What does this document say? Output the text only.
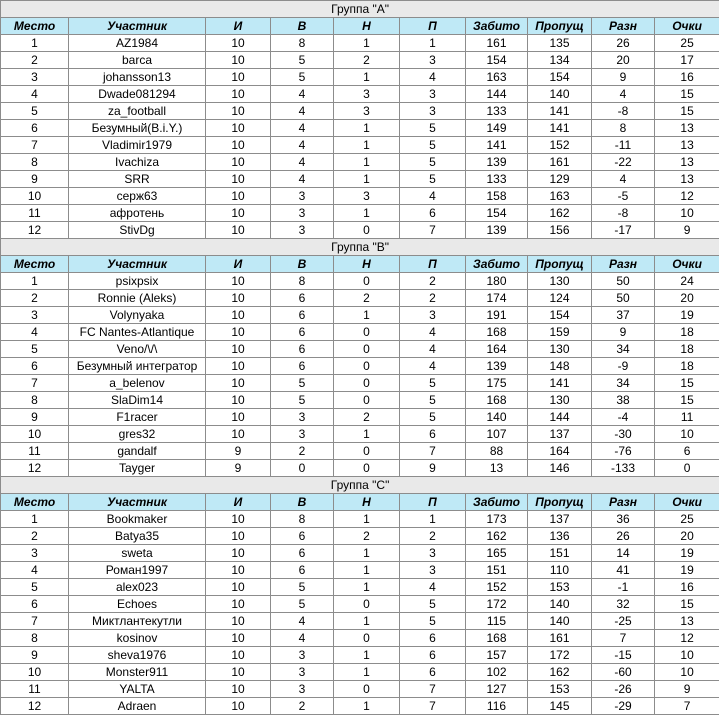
Группа "A"									
Место	Участник	И	В	Н	П	Забито	Пропущ	Разн	Очки
1	AZ1984	10	8	1	1	161	135	26	25
2	barca	10	5	2	3	154	134	20	17
3	johansson13	10	5	1	4	163	154	9	16
4	Dwade081294	10	4	3	3	144	140	4	15
5	za_football	10	4	3	3	133	141	-8	15
6	Безумный(B.i.Y.)	10	4	1	5	149	141	8	13
7	Vladimir1979	10	4	1	5	141	152	-11	13
8	Ivachiza	10	4	1	5	139	161	-22	13
9	SRR	10	4	1	5	133	129	4	13
10	серж63	10	3	3	4	158	163	-5	12
11	афротень	10	3	1	6	154	162	-8	10
12	StivDg	10	3	0	7	139	156	-17	9
Группа "B"									
Место	Участник	И	В	Н	П	Забито	Пропущ	Разн	Очки
1	psixpsix	10	8	0	2	180	130	50	24
2	Ronnie (Aleks)	10	6	2	2	174	124	50	20
3	Volynyaka	10	6	1	3	191	154	37	19
4	FC Nantes-Atlantique	10	6	0	4	168	159	9	18
5	Veno/\/\	10	6	0	4	164	130	34	18
6	Безумный интегратор	10	6	0	4	139	148	-9	18
7	a_belenov	10	5	0	5	175	141	34	15
8	SlaDim14	10	5	0	5	168	130	38	15
9	F1racer	10	3	2	5	140	144	-4	11
10	gres32	10	3	1	6	107	137	-30	10
11	gandalf	9	2	0	7	88	164	-76	6
12	Tayger	9	0	0	9	13	146	-133	0
Группа "C"									
Место	Участник	И	В	Н	П	Забито	Пропущ	Разн	Очки
1	Bookmaker	10	8	1	1	173	137	36	25
2	Batya35	10	6	2	2	162	136	26	20
3	sweta	10	6	1	3	165	151	14	19
4	Роман1997	10	6	1	3	151	110	41	19
5	alex023	10	5	1	4	152	153	-1	16
6	Echoes	10	5	0	5	172	140	32	15
7	Миктлантекутли	10	4	1	5	115	140	-25	13
8	kosinov	10	4	0	6	168	161	7	12
9	sheva1976	10	3	1	6	157	172	-15	10
10	Monster911	10	3	1	6	102	162	-60	10
11	YALTA	10	3	0	7	127	153	-26	9
12	Adraen	10	2	1	7	116	145	-29	7
